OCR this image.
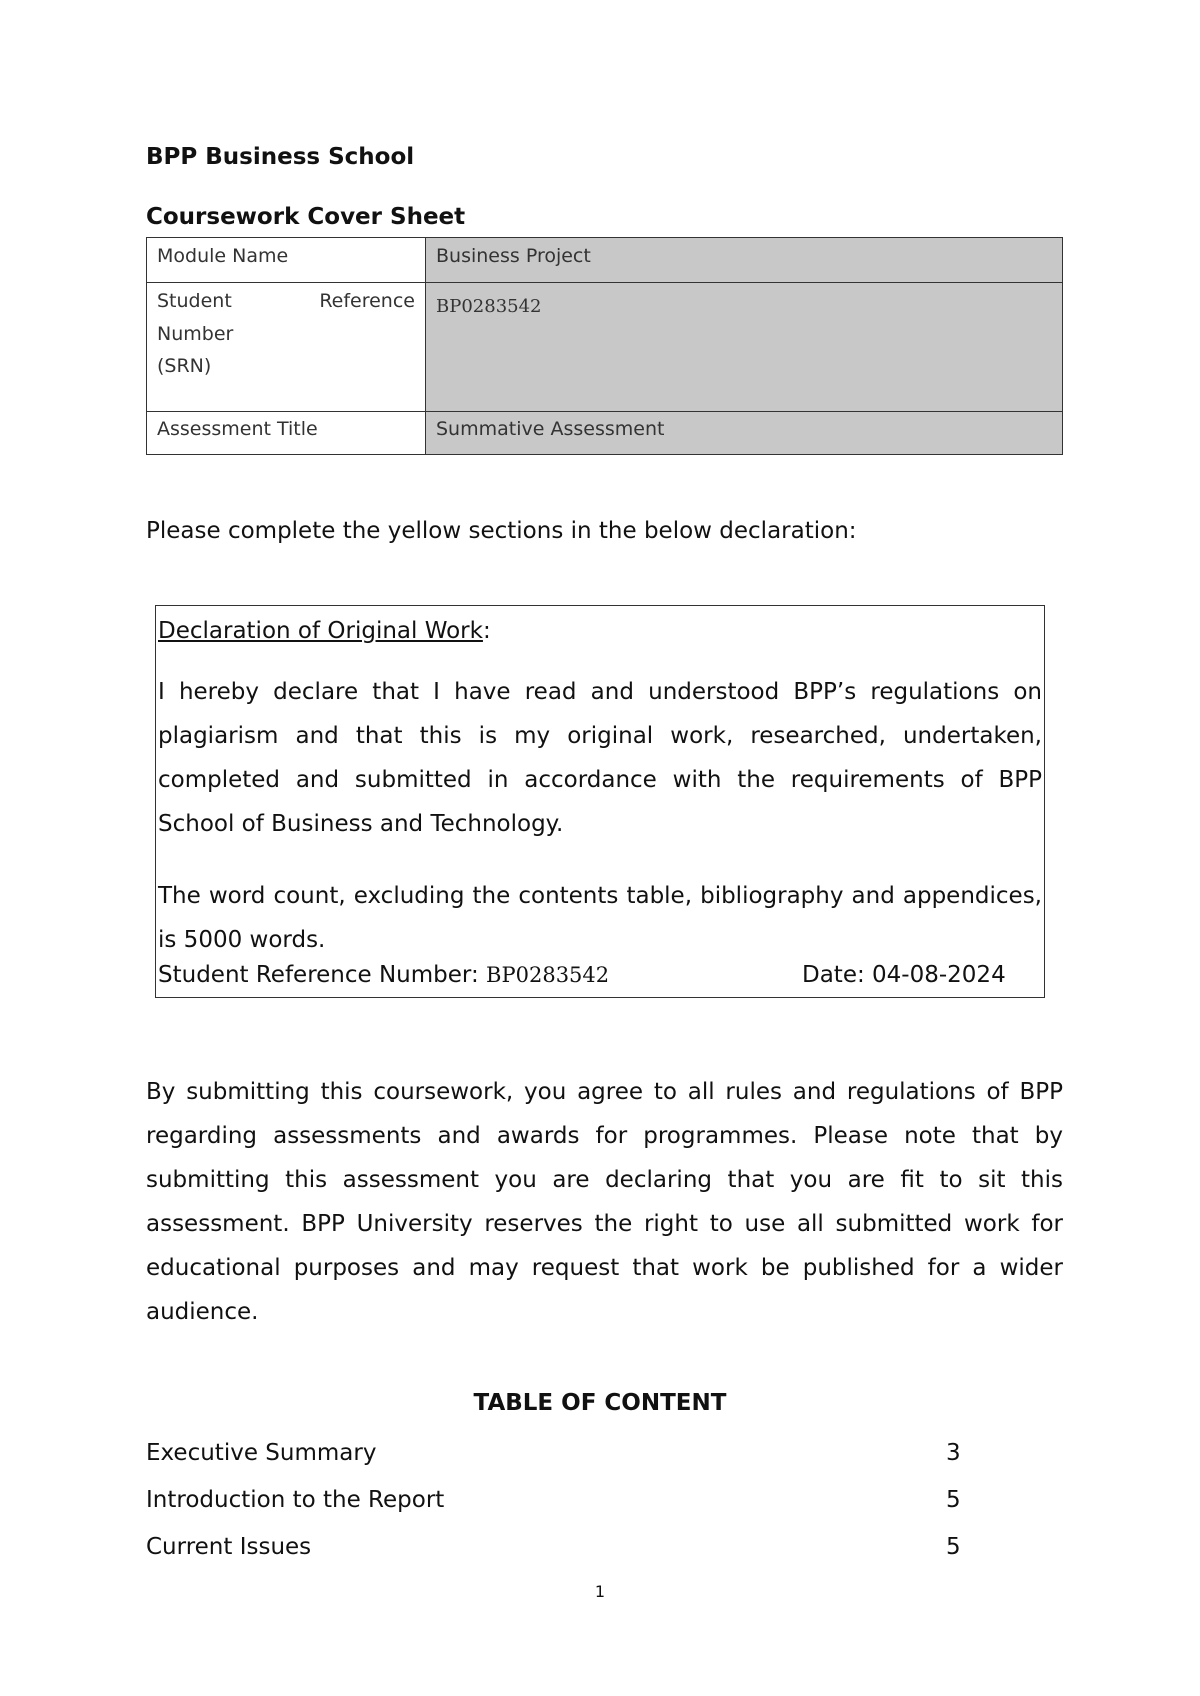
BPP Business School
Coursework Cover Sheet
Module Name	Business Project

Student Reference
Number
(SRN)	BP0283542
Assessment Title	Summative Assessment
Please complete the yellow sections in the below declaration:
Declaration of Original Work:
I hereby declare that I have read and understood BPP’s regulations on plagiarism and that this is my original work, researched, undertaken, completed and submitted in accordance with the requirements of BPP School of Business and Technology.
The word count, excluding the contents table, bibliography and appendices, is 5000 words.
Student Reference Number: BP0283542	Date: 04-08-2024
By submitting this coursework, you agree to all rules and regulations of BPP regarding assessments and awards for programmes. Please note that by submitting this assessment you are declaring that you are fit to sit this assessment. BPP University reserves the right to use all submitted work for educational purposes and may request that work be published for a wider audience.
TABLE OF CONTENT
Executive Summary	3
Introduction to the Report	5
Current Issues	5
1
